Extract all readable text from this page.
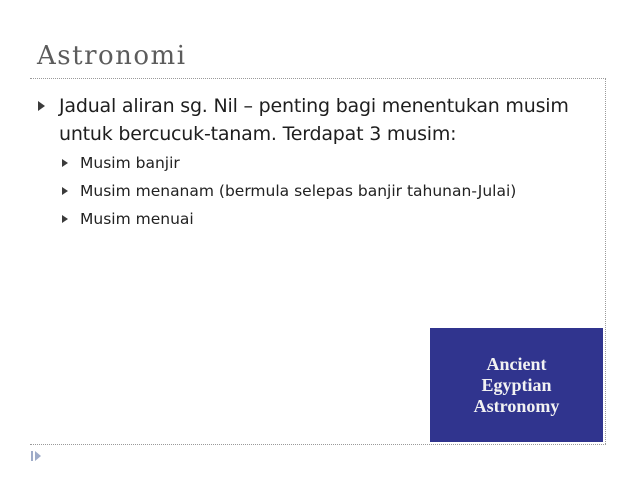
Astronomi
Jadual aliran sg. Nil – penting bagi menentukan musim
untuk bercucuk-tanam. Terdapat 3 musim:
Musim banjir
Musim menanam (bermula selepas banjir tahunan-Julai)
Musim menuai
Ancient
Egyptian
Astronomy
